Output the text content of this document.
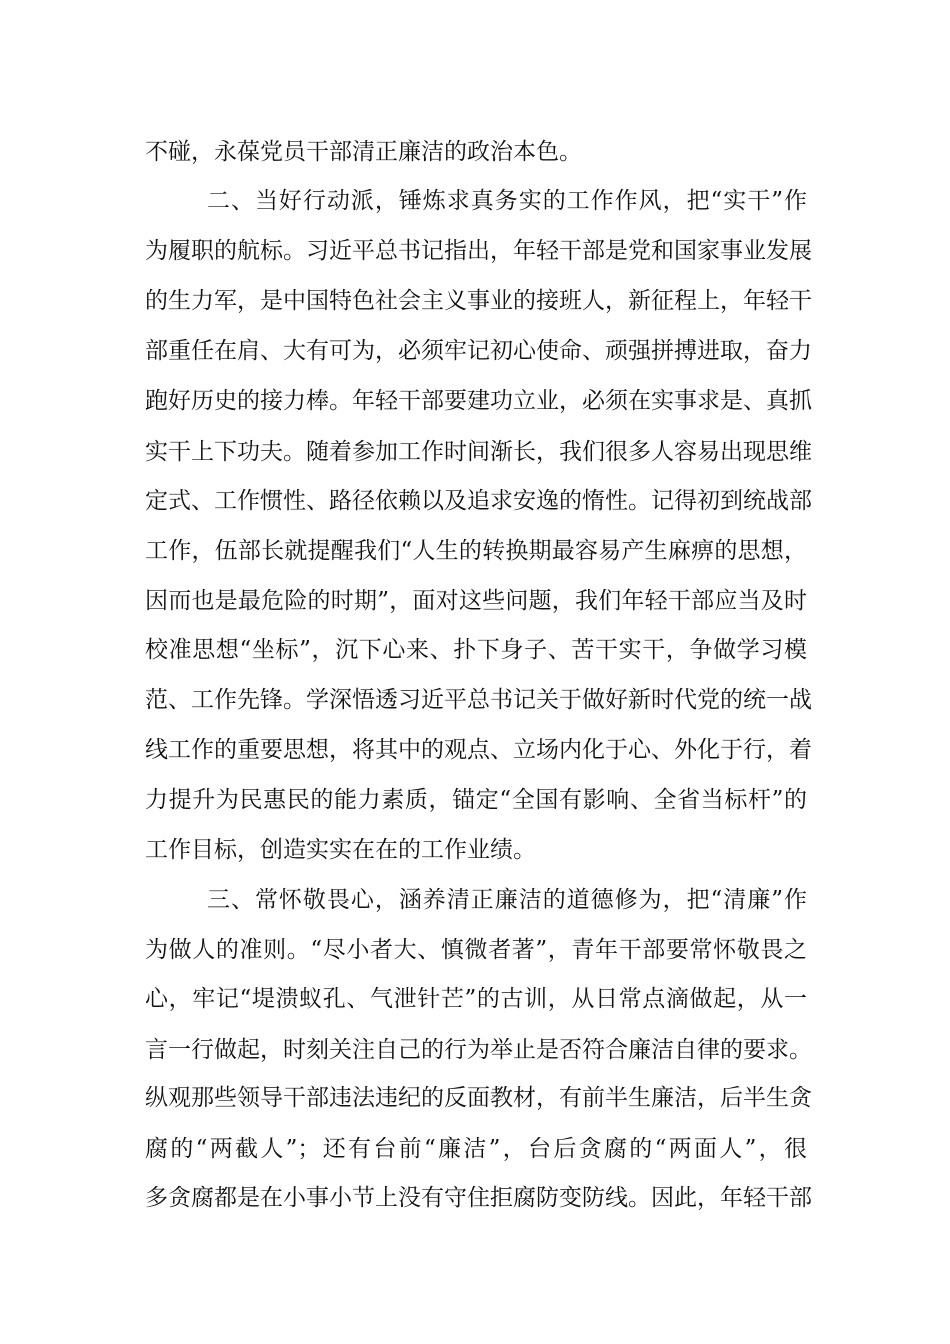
不碰，永葆党员干部清正廉洁的政治本色。
二、当好行动派，锤炼求真务实的工作作风，把“实干”作
为履职的航标。习近平总书记指出，年轻干部是党和国家事业发展
的生力军，是中国特色社会主义事业的接班人，新征程上，年轻干
部重任在肩、大有可为，必须牢记初心使命、顽强拼搏进取，奋力
跑好历史的接力棒。年轻干部要建功立业，必须在实事求是、真抓
实干上下功夫。随着参加工作时间渐长，我们很多人容易出现思维
定式、工作惯性、路径依赖以及追求安逸的惰性。记得初到统战部
工作，伍部长就提醒我们“人生的转换期最容易产生麻痹的思想，
因而也是最危险的时期”，面对这些问题，我们年轻干部应当及时
校准思想“坐标”，沉下心来、扑下身子、苦干实干，争做学习模
范、工作先锋。学深悟透习近平总书记关于做好新时代党的统一战
线工作的重要思想，将其中的观点、立场内化于心、外化于行，着
力提升为民惠民的能力素质，锚定“全国有影响、全省当标杆”的
工作目标，创造实实在在的工作业绩。
三、常怀敬畏心，涵养清正廉洁的道德修为，把“清廉”作
为做人的准则。“尽小者大、慎微者著”，青年干部要常怀敬畏之
心，牢记“堤溃蚁孔、气泄针芒”的古训，从日常点滴做起，从一
言一行做起，时刻关注自己的行为举止是否符合廉洁自律的要求。
纵观那些领导干部违法违纪的反面教材，有前半生廉洁，后半生贪
腐的“两截人”；还有台前“廉洁”，台后贪腐的“两面人”，很
多贪腐都是在小事小节上没有守住拒腐防变防线。因此，年轻干部
